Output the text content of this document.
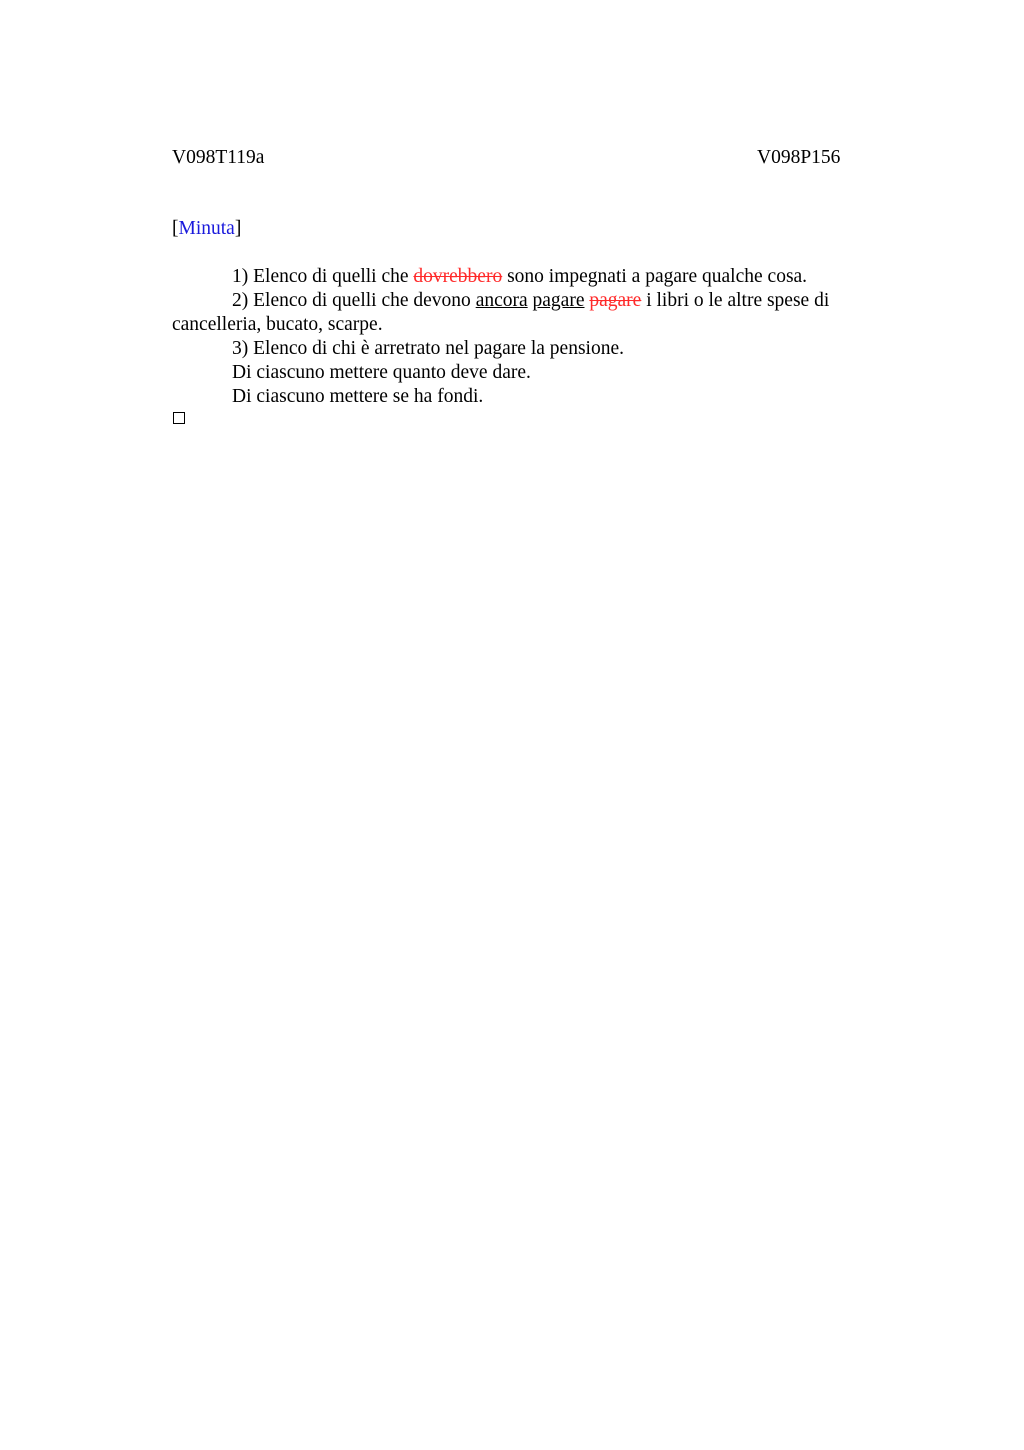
V098T119a	V098P156
[Minuta]

1) Elenco di quelli che dovrebbero sono impegnati a pagare qualche cosa.

2) Elenco di quelli che devono ancora pagare pagare i libri o le altre spese di cancelleria, bucato, scarpe.

3) Elenco di chi è arretrato nel pagare la pensione.

Di ciascuno mettere quanto deve dare.

Di ciascuno mettere se ha fondi.
